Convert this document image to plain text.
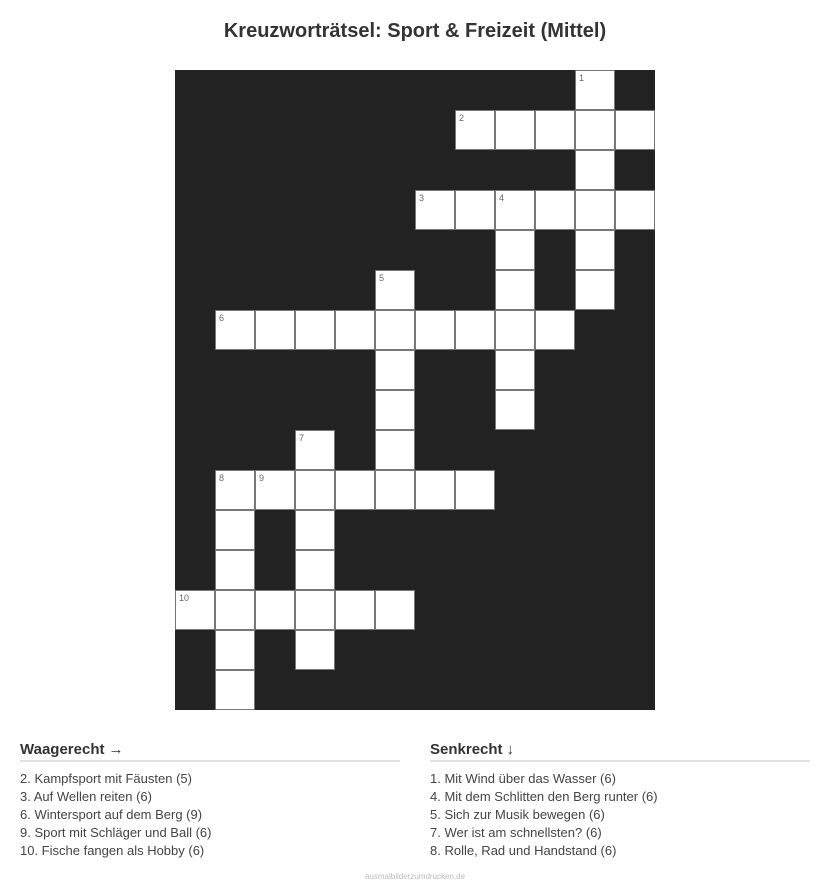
Kreuzworträtsel: Sport & Freizeit (Mittel)
1
2
3	4
5
6
7
8	9
10
Waagerecht →
2. Kampfsport mit Fäusten (5)
3. Auf Wellen reiten (6)
6. Wintersport auf dem Berg (9)
9. Sport mit Schläger und Ball (6)
10. Fische fangen als Hobby (6)
Senkrecht ↓
1. Mit Wind über das Wasser (6)
4. Mit dem Schlitten den Berg runter (6)
5. Sich zur Musik bewegen (6)
7. Wer ist am schnellsten? (6)
8. Rolle, Rad und Handstand (6)
ausmalbilderzumdrucken.de
